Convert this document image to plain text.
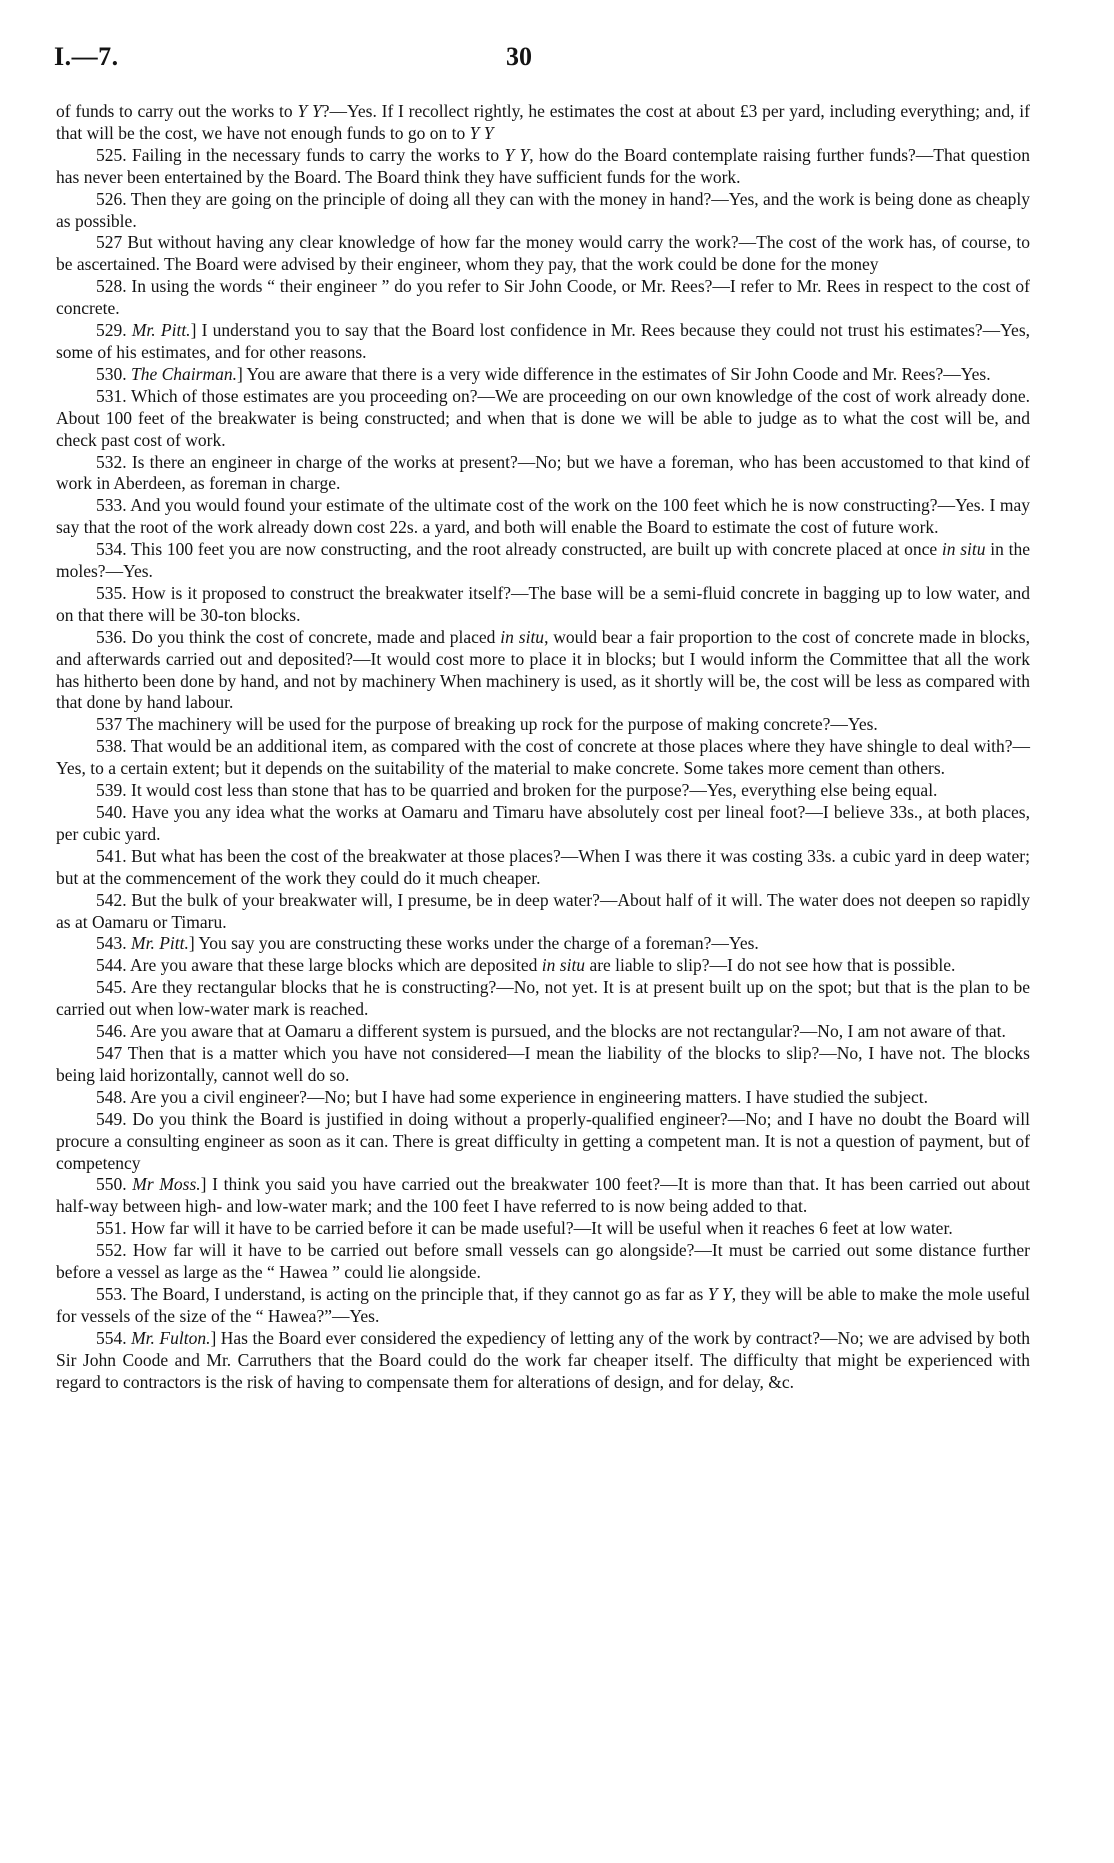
I.—7.	30

of funds to carry out the works to Y Y?—Yes. If I recollect rightly, he estimates the cost at about £3 per yard, including everything; and, if that will be the cost, we have not enough funds to go on to Y Y

525. Failing in the necessary funds to carry the works to Y Y, how do the Board contemplate raising further funds?—That question has never been entertained by the Board. The Board think they have sufficient funds for the work.

526. Then they are going on the principle of doing all they can with the money in hand?—Yes, and the work is being done as cheaply as possible.

527 But without having any clear knowledge of how far the money would carry the work?—The cost of the work has, of course, to be ascertained. The Board were advised by their engineer, whom they pay, that the work could be done for the money

528. In using the words “ their engineer ” do you refer to Sir John Coode, or Mr. Rees?—I refer to Mr. Rees in respect to the cost of concrete.

529. Mr. Pitt.] I understand you to say that the Board lost confidence in Mr. Rees because they could not trust his estimates?—Yes, some of his estimates, and for other reasons.

530. The Chairman.] You are aware that there is a very wide difference in the estimates of Sir John Coode and Mr. Rees?—Yes.

531. Which of those estimates are you proceeding on?—We are proceeding on our own knowledge of the cost of work already done. About 100 feet of the breakwater is being constructed; and when that is done we will be able to judge as to what the cost will be, and check past cost of work.

532. Is there an engineer in charge of the works at present?—No; but we have a foreman, who has been accustomed to that kind of work in Aberdeen, as foreman in charge.

533. And you would found your estimate of the ultimate cost of the work on the 100 feet which he is now constructing?—Yes. I may say that the root of the work already down cost 22s. a yard, and both will enable the Board to estimate the cost of future work.

534. This 100 feet you are now constructing, and the root already constructed, are built up with concrete placed at once in situ in the moles?—Yes.

535. How is it proposed to construct the breakwater itself?—The base will be a semi-fluid concrete in bagging up to low water, and on that there will be 30-ton blocks.

536. Do you think the cost of concrete, made and placed in situ, would bear a fair proportion to the cost of concrete made in blocks, and afterwards carried out and deposited?—It would cost more to place it in blocks; but I would inform the Committee that all the work has hitherto been done by hand, and not by machinery When machinery is used, as it shortly will be, the cost will be less as compared with that done by hand labour.

537 The machinery will be used for the purpose of breaking up rock for the purpose of making concrete?—Yes.

538. That would be an additional item, as compared with the cost of concrete at those places where they have shingle to deal with?—Yes, to a certain extent; but it depends on the suitability of the material to make concrete. Some takes more cement than others.

539. It would cost less than stone that has to be quarried and broken for the purpose?—Yes, everything else being equal.

540. Have you any idea what the works at Oamaru and Timaru have absolutely cost per lineal foot?—I believe 33s., at both places, per cubic yard.

541. But what has been the cost of the breakwater at those places?—When I was there it was costing 33s. a cubic yard in deep water; but at the commencement of the work they could do it much cheaper.

542. But the bulk of your breakwater will, I presume, be in deep water?—About half of it will. The water does not deepen so rapidly as at Oamaru or Timaru.

543. Mr. Pitt.] You say you are constructing these works under the charge of a foreman?—Yes.

544. Are you aware that these large blocks which are deposited in situ are liable to slip?—I do not see how that is possible.

545. Are they rectangular blocks that he is constructing?—No, not yet. It is at present built up on the spot; but that is the plan to be carried out when low-water mark is reached.

546. Are you aware that at Oamaru a different system is pursued, and the blocks are not rectangular?—No, I am not aware of that.

547 Then that is a matter which you have not considered—I mean the liability of the blocks to slip?—No, I have not. The blocks being laid horizontally, cannot well do so.

548. Are you a civil engineer?—No; but I have had some experience in engineering matters. I have studied the subject.

549. Do you think the Board is justified in doing without a properly-qualified engineer?—No; and I have no doubt the Board will procure a consulting engineer as soon as it can. There is great difficulty in getting a competent man. It is not a question of payment, but of competency

550. Mr Moss.] I think you said you have carried out the breakwater 100 feet?—It is more than that. It has been carried out about half-way between high- and low-water mark; and the 100 feet I have referred to is now being added to that.

551. How far will it have to be carried before it can be made useful?—It will be useful when it reaches 6 feet at low water.

552. How far will it have to be carried out before small vessels can go alongside?—It must be carried out some distance further before a vessel as large as the “ Hawea ” could lie alongside.

553. The Board, I understand, is acting on the principle that, if they cannot go as far as Y Y, they will be able to make the mole useful for vessels of the size of the “ Hawea?”—Yes.

554. Mr. Fulton.] Has the Board ever considered the expediency of letting any of the work by contract?—No; we are advised by both Sir John Coode and Mr. Carruthers that the Board could do the work far cheaper itself. The difficulty that might be experienced with regard to contractors is the risk of having to compensate them for alterations of design, and for delay, &c.
